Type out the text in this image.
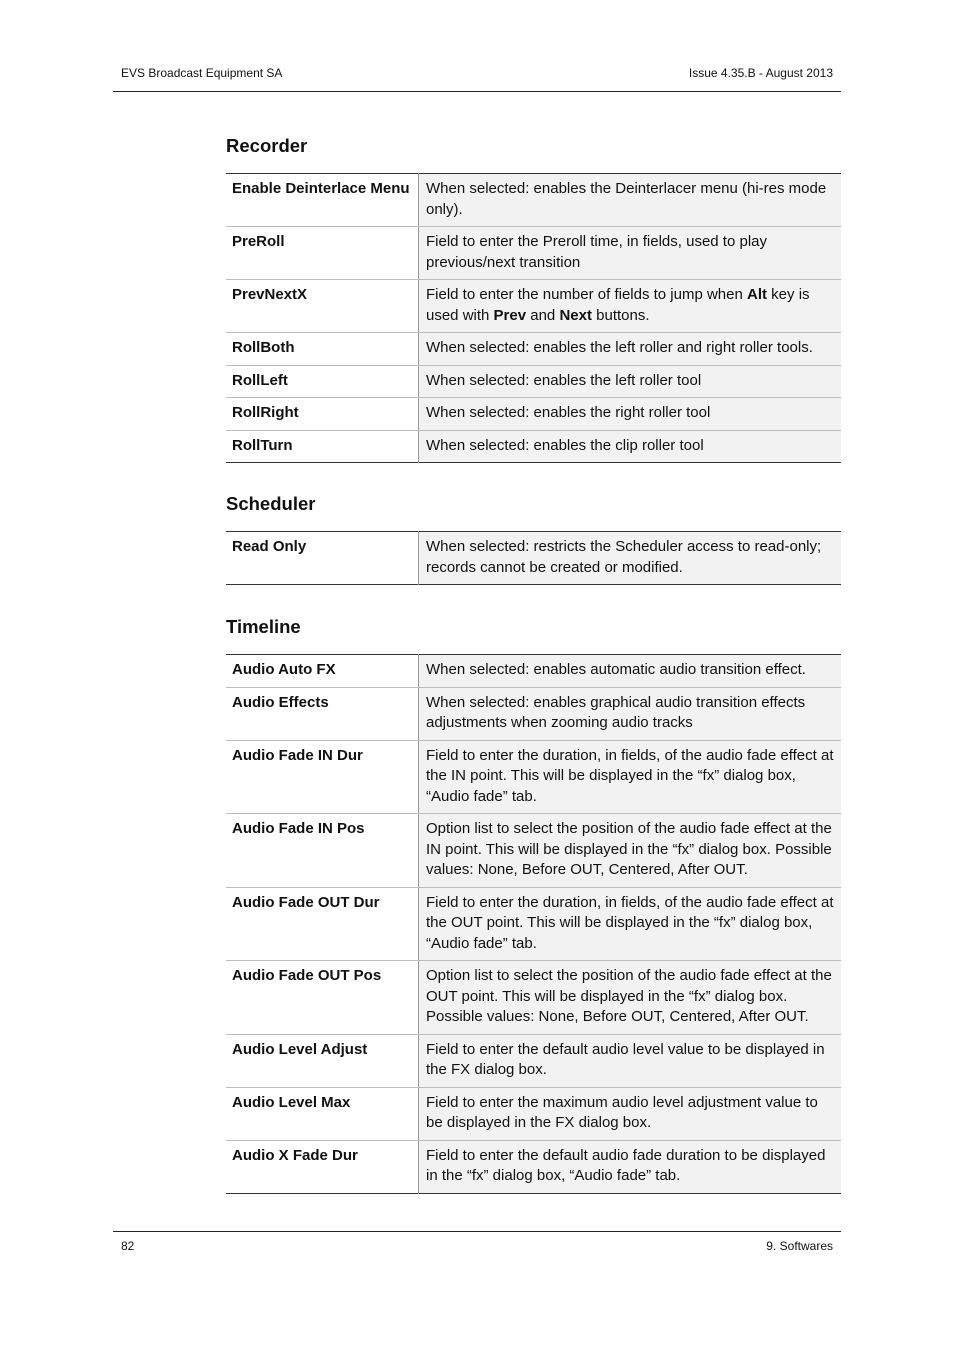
EVS Broadcast Equipment SA	Issue 4.35.B - August 2013
Recorder
Enable Deinterlace Menu	When selected: enables the Deinterlacer menu (hi-res mode only).
PreRoll	Field to enter the Preroll time, in fields, used to play previous/next transition
PrevNextX	Field to enter the number of fields to jump when Alt key is used with Prev and Next buttons.
RollBoth	When selected: enables the left roller and right roller tools.
RollLeft	When selected: enables the left roller tool
RollRight	When selected: enables the right roller tool
RollTurn	When selected: enables the clip roller tool
Scheduler
Read Only	When selected: restricts the Scheduler access to read-only; records cannot be created or modified.
Timeline
Audio Auto FX	When selected: enables automatic audio transition effect.
Audio Effects	When selected: enables graphical audio transition effects adjustments when zooming audio tracks
Audio Fade IN Dur	Field to enter the duration, in fields, of the audio fade effect at the IN point. This will be displayed in the “fx” dialog box, “Audio fade” tab.
Audio Fade IN Pos	Option list to select the position of the audio fade effect at the IN point. This will be displayed in the “fx” dialog box. Possible values: None, Before OUT, Centered, After OUT.
Audio Fade OUT Dur	Field to enter the duration, in fields, of the audio fade effect at the OUT point. This will be displayed in the “fx” dialog box, “Audio fade” tab.
Audio Fade OUT Pos	Option list to select the position of the audio fade effect at the OUT point. This will be displayed in the “fx” dialog box. Possible values: None, Before OUT, Centered, After OUT.
Audio Level Adjust	Field to enter the default audio level value to be displayed in the FX dialog box.
Audio Level Max	Field to enter the maximum audio level adjustment value to be displayed in the FX dialog box.
Audio X Fade Dur	Field to enter the default audio fade duration to be displayed in the “fx” dialog box, “Audio fade” tab.
82	9. Softwares
